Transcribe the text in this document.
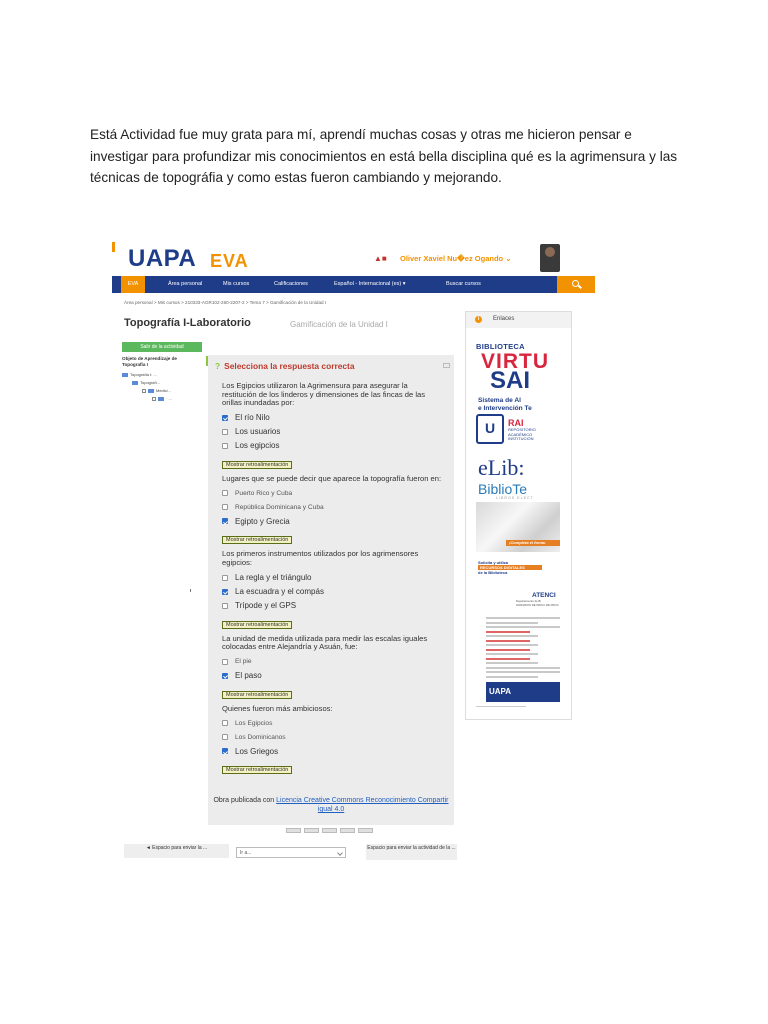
Está Actividad fue muy grata para mí, aprendí muchas cosas y otras me hicieron pensar e investigar para profundizar mis conocimientos en está bella disciplina qué es la agrimensura y las técnicas de topográfia y como estas fueron cambiando y mejorando.

UAPA EVA	▲■ Oliver Xaviel Nu�ez Ogando ⌄
EVA	Área personal	Mis cursos	Calificaciones	Español - Internacional (es) ▾	Buscar cursos
Área personal > Mis cursos > 210333-AGR102-260-2207-2 > Tema 7 > Gamificación de la Unidad I
Topografía I-Laboratorio	Gamificación de la Unidad I
Salir de la actividad
Objeto de Aprendizaje de Topografía I
Topografía I: ...
Topografí...
Medici...
· ...
? Selecciona la respuesta correcta
Los Egipcios utilizaron la Agrimensura para asegurar la restitución de los linderos y dimensiones de las fincas de las orillas inundadas por:
El río Nilo
Los usuarios
Los egipcios
Mostrar retroalimentación
Lugares que se puede decir que aparece la topografía fueron en:
Puerto Rico y Cuba
República Dominicana y Cuba
Egipto y Grecia
Mostrar retroalimentación
Los primeros instrumentos utilizados por los agrimensores egipcios:
La regla y el triángulo
La escuadra y el compás
Trípode y el GPS
Mostrar retroalimentación
La unidad de medida utilizada para medir las escalas iguales colocadas entre Alejandría y Asuán, fue:
El pie
El paso
Mostrar retroalimentación
Quienes fueron más ambiciosos:
Los Egipcios
Los Dominicanos
Los Griegos
Mostrar retroalimentación
Obra publicada con Licencia Creative Commons Reconocimiento Compartir igual 4.0
◄ Espacio para enviar la ...
Ir a...
Espacio para enviar la actividad de la ...
i	Enlaces
BIBLIOTECA
VIRTU
SAI
Sistema de Al
e Intervención Te
U
RAI
REPOSITORIO
ACADÉMICO
INSTITUCION
eLib:
BiblioTe
LIBROS ELECT
¡Completa el formu
Solicita y utiliza
RECURSOS DIGITALES
de la Biblioteca
ATENCI
Departamento de Bi
HORARIOS DE INDUC DE PROC
UAPA
